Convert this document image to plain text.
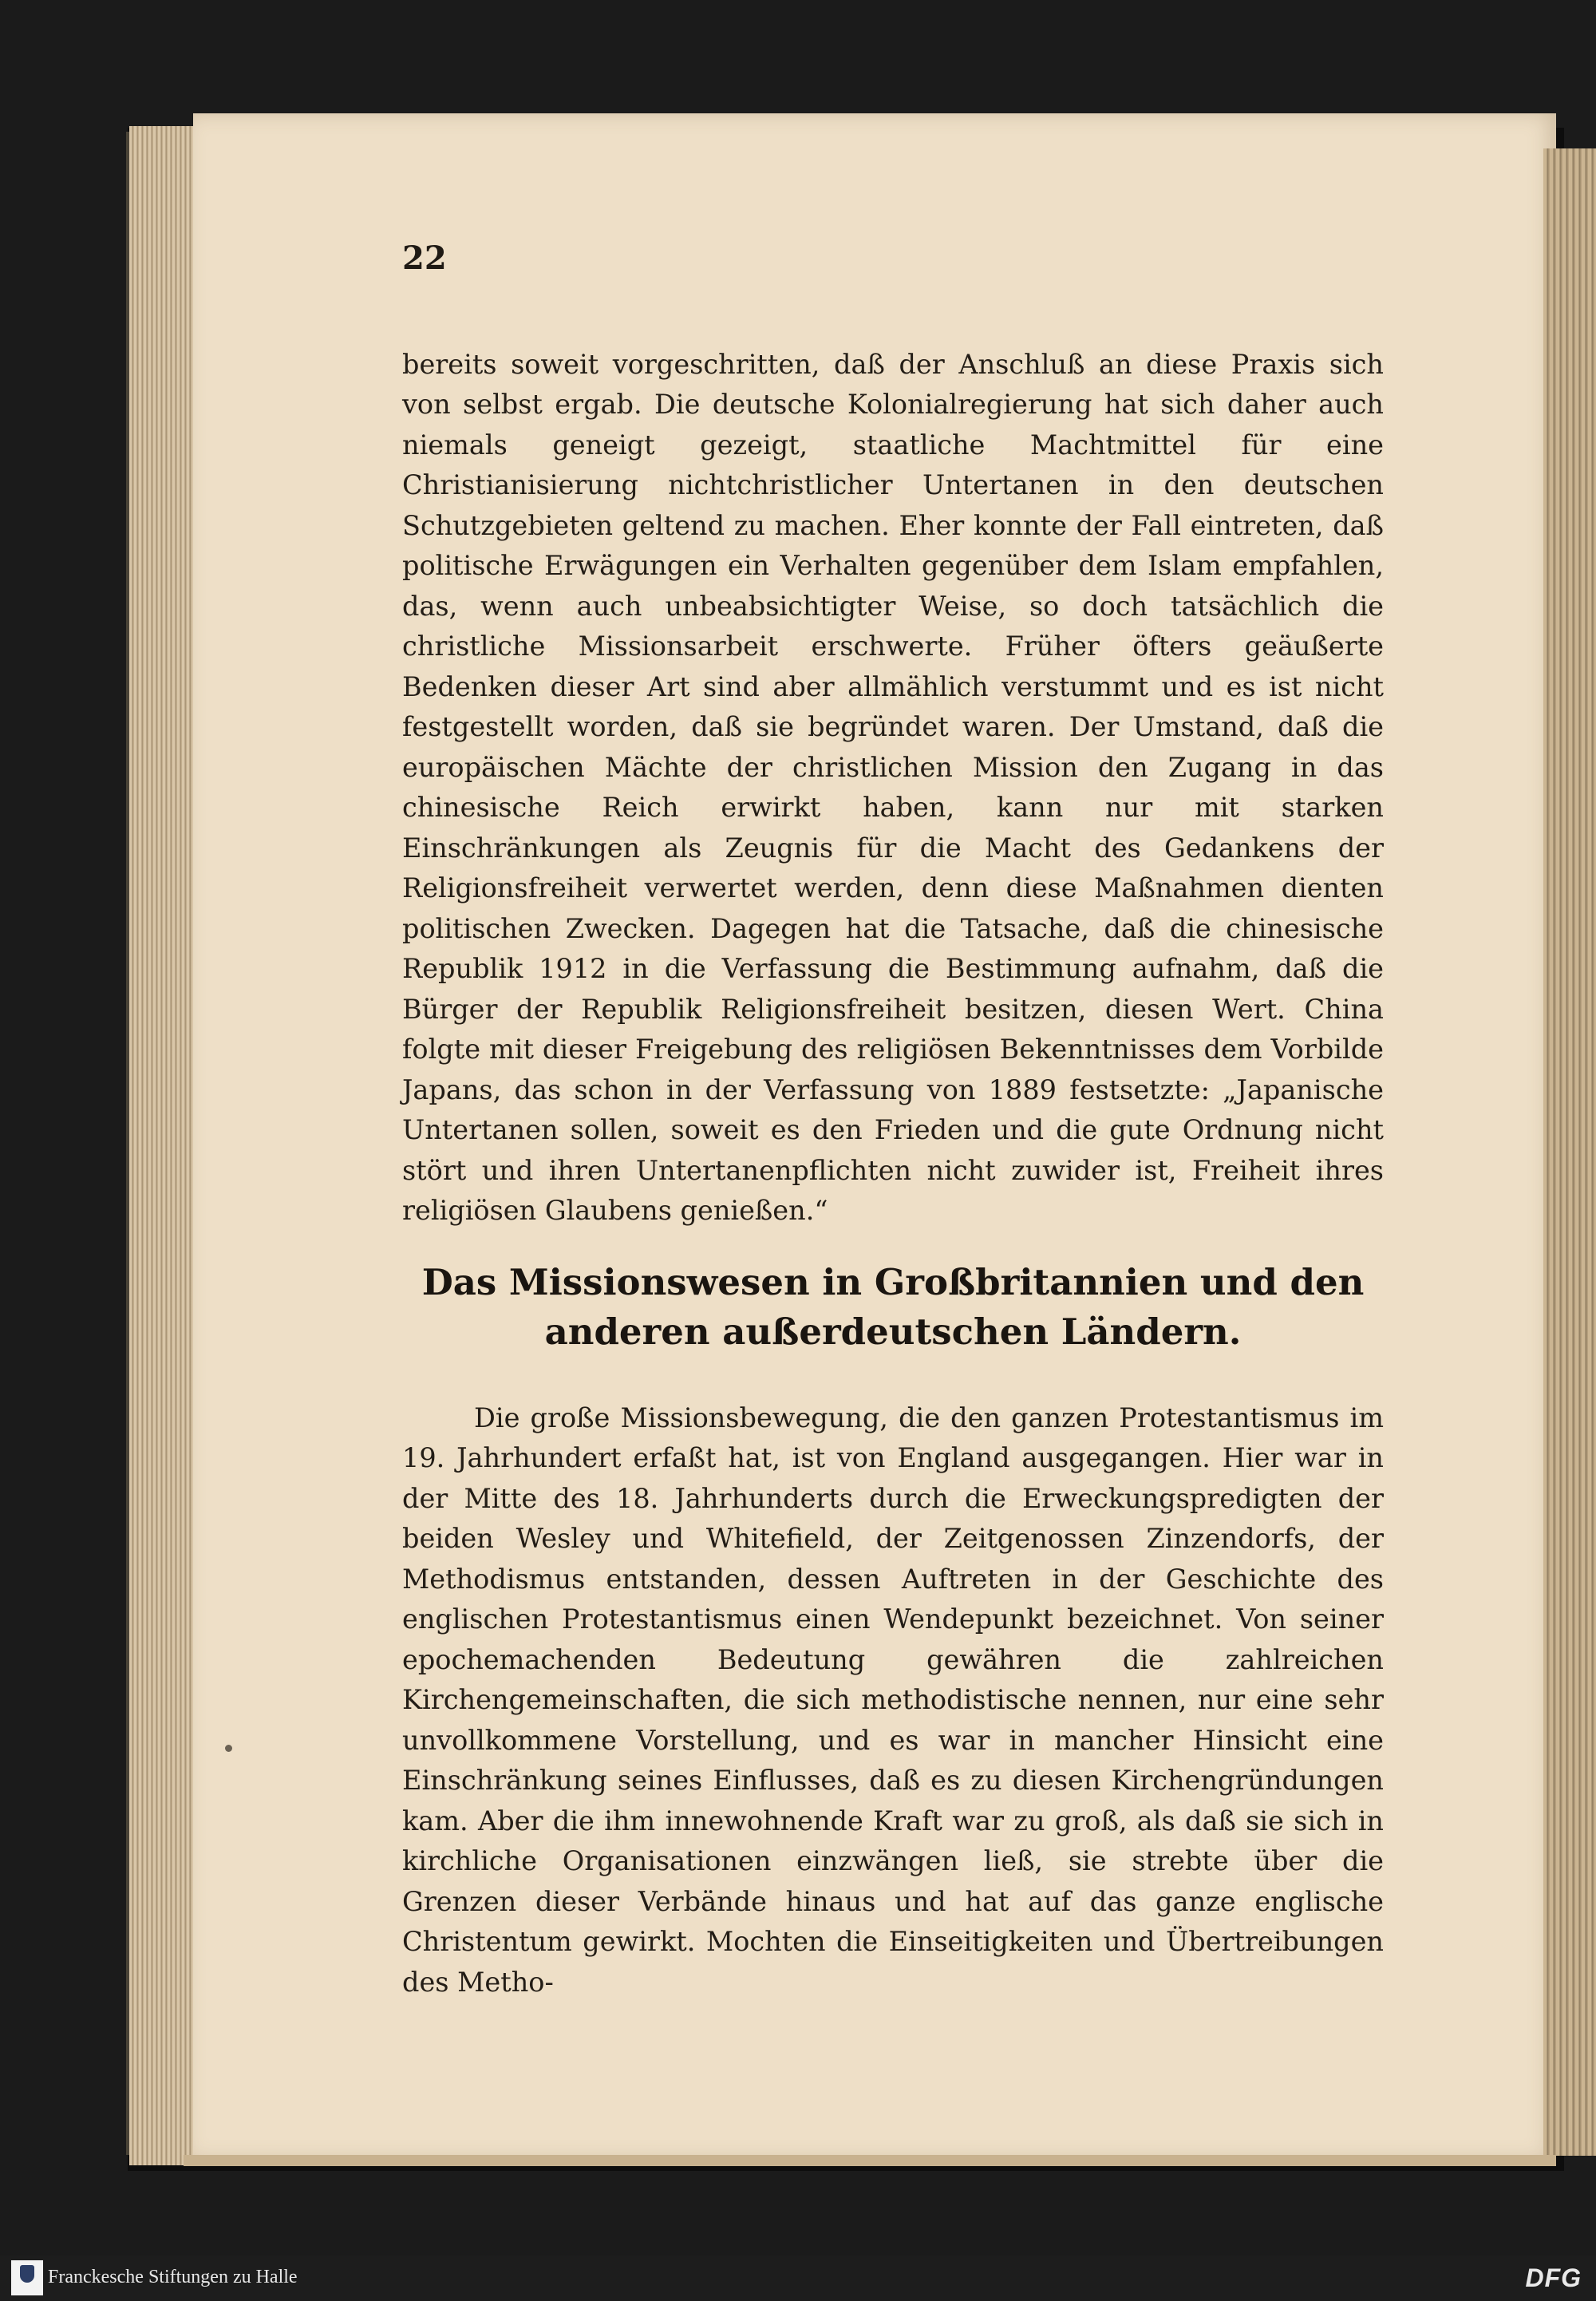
22

bereits soweit vorgeschritten, daß der Anschluß an diese Praxis sich von selbst ergab. Die deutsche Kolonialregierung hat sich daher auch niemals geneigt gezeigt, staatliche Machtmittel für eine Christianisierung nichtchristlicher Untertanen in den deutschen Schutzgebieten geltend zu machen. Eher konnte der Fall eintreten, daß politische Erwägungen ein Verhalten gegenüber dem Islam empfahlen, das, wenn auch unbeabsichtigter Weise, so doch tatsächlich die christliche Missionsarbeit erschwerte. Früher öfters geäußerte Bedenken dieser Art sind aber allmählich verstummt und es ist nicht festgestellt worden, daß sie begründet waren. Der Umstand, daß die europäischen Mächte der christlichen Mission den Zugang in das chinesische Reich erwirkt haben, kann nur mit starken Einschränkungen als Zeugnis für die Macht des Gedankens der Religionsfreiheit verwertet werden, denn diese Maßnahmen dienten politischen Zwecken. Dagegen hat die Tatsache, daß die chinesische Republik 1912 in die Verfassung die Bestimmung aufnahm, daß die Bürger der Republik Religionsfreiheit besitzen, diesen Wert. China folgte mit dieser Freigebung des religiösen Bekenntnisses dem Vorbilde Japans, das schon in der Verfassung von 1889 festsetzte: „Japanische Untertanen sollen, soweit es den Frieden und die gute Ordnung nicht stört und ihren Untertanenpflichten nicht zuwider ist, Freiheit ihres religiösen Glaubens genießen.“

Das Missionswesen in Großbritannien und den anderen außerdeutschen Ländern.

Die große Missionsbewegung, die den ganzen Protestantismus im 19. Jahrhundert erfaßt hat, ist von England ausgegangen. Hier war in der Mitte des 18. Jahrhunderts durch die Erweckungspredigten der beiden Wesley und Whitefield, der Zeitgenossen Zinzendorfs, der Methodismus entstanden, dessen Auftreten in der Geschichte des englischen Protestantismus einen Wendepunkt bezeichnet. Von seiner epochemachenden Bedeutung gewähren die zahlreichen Kirchengemeinschaften, die sich methodistische nennen, nur eine sehr unvollkommene Vorstellung, und es war in mancher Hinsicht eine Einschränkung seines Einflusses, daß es zu diesen Kirchengründungen kam. Aber die ihm innewohnende Kraft war zu groß, als daß sie sich in kirchliche Organisationen einzwängen ließ, sie strebte über die Grenzen dieser Verbände hinaus und hat auf das ganze englische Christentum gewirkt. Mochten die Einseitigkeiten und Übertreibungen des Metho-

Franckesche Stiftungen zu Halle	DFG
